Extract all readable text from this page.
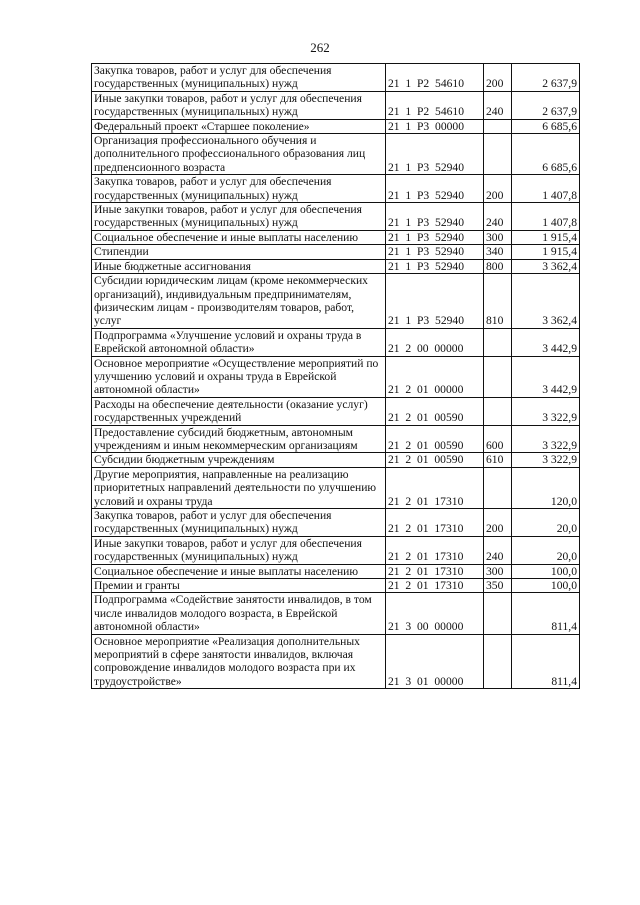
262
Закупка товаров, работ и услуг для обеспечения государственных (муниципальных) нужд	21  1  P2  54610	200	2 637,9
Иные закупки товаров, работ и услуг для обеспечения государственных (муниципальных) нужд	21  1  P2  54610	240	2 637,9
Федеральный проект «Старшее поколение»	21  1  P3  00000		6 685,6
Организация профессионального обучения и дополнительного профессионального образования лиц предпенсионного возраста	21  1  P3  52940		6 685,6
Закупка товаров, работ и услуг для обеспечения государственных (муниципальных) нужд	21  1  P3  52940	200	1 407,8
Иные закупки товаров, работ и услуг для обеспечения государственных (муниципальных) нужд	21  1  P3  52940	240	1 407,8
Социальное обеспечение и иные выплаты населению	21  1  P3  52940	300	1 915,4
Стипендии	21  1  P3  52940	340	1 915,4
Иные бюджетные ассигнования	21  1  P3  52940	800	3 362,4
Субсидии юридическим лицам (кроме некоммерческих организаций), индивидуальным предпринимателям, физическим лицам - производителям товаров, работ, услуг	21  1  P3  52940	810	3 362,4
Подпрограмма «Улучшение условий и охраны труда в Еврейской автономной области»	21  2  00  00000		3 442,9
Основное мероприятие «Осуществление мероприятий по улучшению условий и охраны труда в Еврейской автономной области»	21  2  01  00000		3 442,9
Расходы на обеспечение деятельности (оказание услуг) государственных учреждений	21  2  01  00590		3 322,9
Предоставление субсидий бюджетным, автономным учреждениям и иным некоммерческим организациям	21  2  01  00590	600	3 322,9
Субсидии бюджетным учреждениям	21  2  01  00590	610	3 322,9
Другие мероприятия, направленные на реализацию приоритетных направлений деятельности по улучшению условий и охраны труда	21  2  01  17310		120,0
Закупка товаров, работ и услуг для обеспечения государственных (муниципальных) нужд	21  2  01  17310	200	20,0
Иные закупки товаров, работ и услуг для обеспечения государственных (муниципальных) нужд	21  2  01  17310	240	20,0
Социальное обеспечение и иные выплаты населению	21  2  01  17310	300	100,0
Премии и гранты	21  2  01  17310	350	100,0
Подпрограмма «Содействие занятости инвалидов, в том числе инвалидов молодого возраста, в Еврейской автономной области»	21  3  00  00000		811,4
Основное мероприятие «Реализация дополнительных мероприятий в сфере занятости инвалидов, включая сопровождение инвалидов молодого возраста при их трудоустройстве»	21  3  01  00000		811,4
